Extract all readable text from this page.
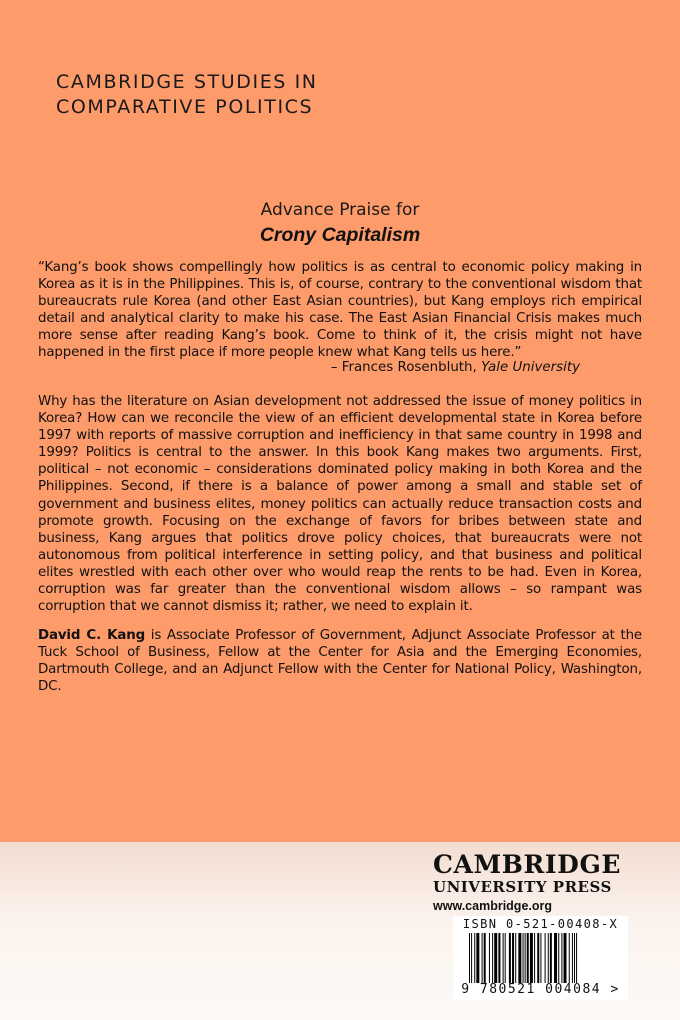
CAMBRIDGE STUDIES IN
COMPARATIVE POLITICS
Advance Praise for
Crony Capitalism
“Kang’s book shows compellingly how politics is as central to economic policy making in Korea as it is in the Philippines. This is, of course, contrary to the conventional wisdom that bureaucrats rule Korea (and other East Asian countries), but Kang employs rich empirical detail and analytical clarity to make his case. The East Asian Financial Crisis makes much more sense after reading Kang’s book. Come to think of it, the crisis might not have happened in the first place if more people knew what Kang tells us here.”
– Frances Rosenbluth, Yale University
Why has the literature on Asian development not addressed the issue of money politics in Korea? How can we reconcile the view of an efficient developmental state in Korea before 1997 with reports of massive corruption and inefficiency in that same country in 1998 and 1999? Politics is central to the answer. In this book Kang makes two arguments. First, political – not economic – considerations dominated policy making in both Korea and the Philippines. Second, if there is a balance of power among a small and stable set of government and business elites, money politics can actually reduce transaction costs and promote growth. Focusing on the exchange of favors for bribes between state and business, Kang argues that politics drove policy choices, that bureaucrats were not autonomous from political interference in setting policy, and that business and political elites wrestled with each other over who would reap the rents to be had. Even in Korea, corruption was far greater than the conventional wisdom allows – so rampant was corruption that we cannot dismiss it; rather, we need to explain it.
David C. Kang is Associate Professor of Government, Adjunct Associate Professor at the Tuck School of Business, Fellow at the Center for Asia and the Emerging Economies, Dartmouth College, and an Adjunct Fellow with the Center for National Policy, Washington, DC.
CAMBRIDGE
UNIVERSITY PRESS
www.cambridge.org
ISBN 0-521-00408-X
9 780521 004084 >
